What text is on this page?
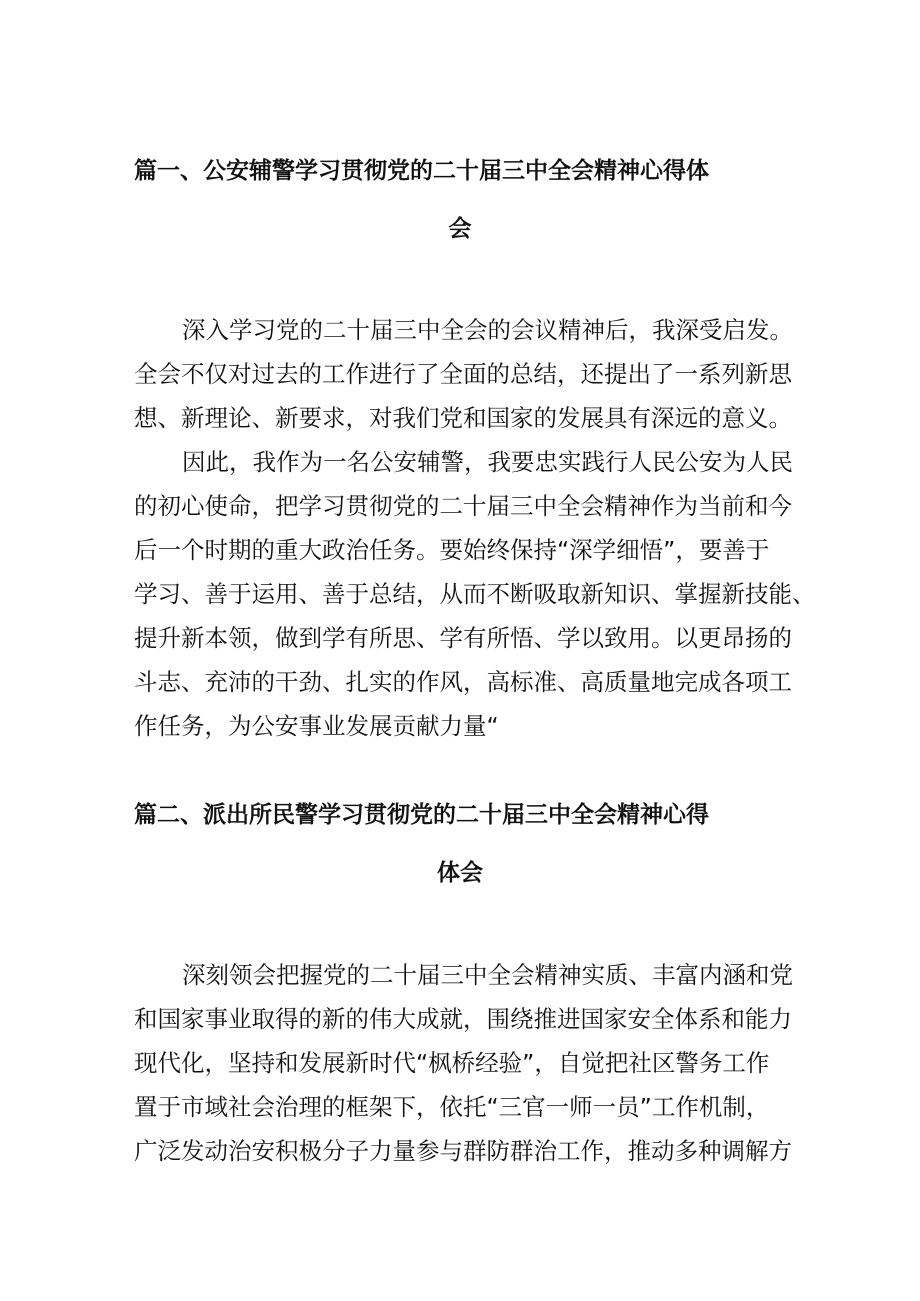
篇一、公安辅警学习贯彻党的二十届三中全会精神心得体
会
深入学习党的二十届三中全会的会议精神后，我深受启发。
全会不仅对过去的工作进行了全面的总结，还提出了一系列新思
想、新理论、新要求，对我们党和国家的发展具有深远的意义。
因此，我作为一名公安辅警，我要忠实践行人民公安为人民
的初心使命，把学习贯彻党的二十届三中全会精神作为当前和今
后一个时期的重大政治任务。要始终保持“深学细悟”，要善于
学习、善于运用、善于总结，从而不断吸取新知识、掌握新技能、
提升新本领，做到学有所思、学有所悟、学以致用。以更昂扬的
斗志、充沛的干劲、扎实的作风，高标准、高质量地完成各项工
作任务，为公安事业发展贡献力量“
篇二、派出所民警学习贯彻党的二十届三中全会精神心得
体会
深刻领会把握党的二十届三中全会精神实质、丰富内涵和党
和国家事业取得的新的伟大成就，围绕推进国家安全体系和能力
现代化，坚持和发展新时代“枫桥经验”，自觉把社区警务工作
置于市域社会治理的框架下，依托“三官一师一员”工作机制，
广泛发动治安积极分子力量参与群防群治工作，推动多种调解方
